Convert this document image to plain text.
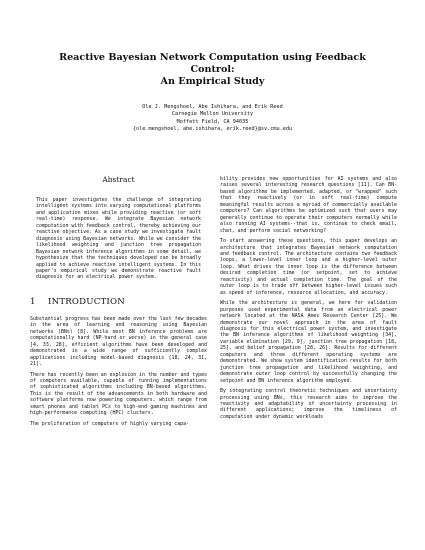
Reactive Bayesian Network Computation using Feedback Control:
An Empirical Study
Ole J. Mengshoel, Abe Ishihara, and Erik Reed
Carnegie Mellon University
Moffett Field, CA 94035
{ole.mengshoel, abe.ishihara, erik.reed}@sv.cmu.edu
Abstract

This paper investigates the challenge of integrating intelligent systems into varying computational platforms and application mixes while providing reactive (or soft real-time) response. We integrate Bayesian network computation with feedback control, thereby achieving our reactive objective. As a case study we investigate fault diagnosis using Bayesian networks. While we consider the likelihood weighting and junction tree propagation Bayesian network inference algorithms in some detail, we hypothesize that the techniques developed can be broadly applied to achieve reactive intelligent systems. In this paper's empirical study we demonstrate reactive fault diagnosis for an electrical power system.

1 INTRODUCTION

Substantial progress has been made over the last few decades in the area of learning and reasoning using Bayesian networks (BNs) [8]. While most BN inference problems are computationally hard (NP-hard or worse) in the general case [4, 33, 28], efficient algorithms have been developed and demonstrated in a wide range of sufficiently complex applications including model-based diagnosis [18, 24, 31, 21].

There has recently been an explosion in the number and types of computers available, capable of running implementations of sophisticated algorithms including BN-based algorithms. This is the result of the advancements in both hardware and software platforms now powering computers, which range from smart phones and tablet PCs to high-end gaming machines and high-performance computing (HPC) clusters.

The proliferation of computers of highly varying capa-

bility provides new opportunities for AI systems and also raises several interesting research questions [11]. Can BN-based algorithms be implemented, adapted, or "wrapped" such that they reactively (or in soft real-time) compute meaningful results across a myriad of commercially available computers? Can algorithms be optimized such that users may generally continue to operate their computers normally while also running AI systems--that is, continue to check email, chat, and perform social networking?

To start answering these questions, this paper develops an architecture that integrates Bayesian network computation and feedback control. The architecture contains two feedback loops, a lower-level inner loop and a higher-level outer loop. What drives the inner loop is the difference between desired completion time (or setpoint, set to achieve reactivity) and actual completion time. The goal of the outer loop is to trade off between higher-level issues such as speed of inference, resource allocation, and accuracy.

While the architecture is general, we here for validation purposes used experimental data from an electrical power network located at the NASA Ames Research Center [25]. We demonstrate our novel approach in the area of fault diagnosis for this electrical power system, and investigate the BN inference algorithms of likelihood weighting [34], variable elimination [29, 9], junction tree propagation [18, 25], and belief propagation [28, 26]. Results for different computers and three different operating systems are demonstrated. We show system identification results for both junction tree propagation and likelihood weighting, and demonstrate outer loop control by successfully changing the setpoint and BN inference algorithm employed.

By integrating control theoretic techniques and uncertainty processing using BNs, this research aims to improve the reactivity and adaptability of uncertainty processing in different applications; improve the timeliness of computation under dynamic workloads
